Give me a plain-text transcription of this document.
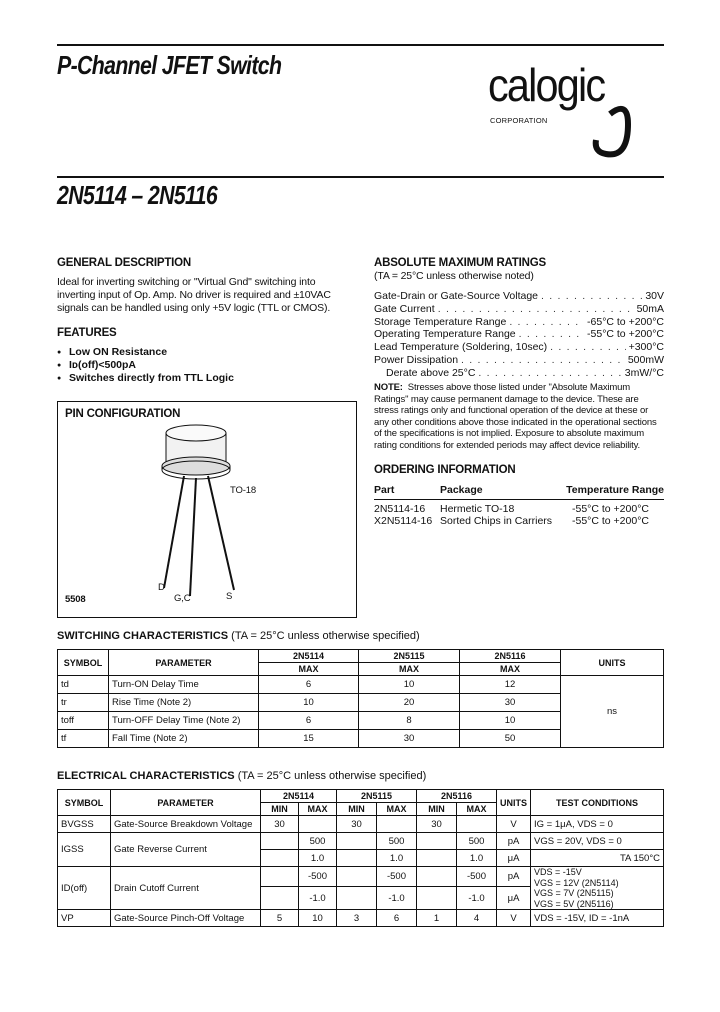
P-Channel JFET Switch
2N5114 – 2N5116
calogic
CORPORATION
GENERAL DESCRIPTION
Ideal for inverting switching or "Virtual Gnd" switching into
inverting input of Op. Amp. No driver is required and ±10VAC
signals can be handled using only +5V logic (TTL or CMOS).
FEATURES
● Low ON Resistance
● Iᴅ(off)<500pA
● Switches directly from TTL Logic
PIN CONFIGURATION
TO-18
D
G,C	S
5508
ABSOLUTE MAXIMUM RATINGS
(TA = 25°C unless otherwise noted)
Gate-Drain or Gate-Source Voltage . . .	30V
Gate Current . . .	50mA
Storage Temperature Range . . .	-65°C to +200°C
Operating Temperature Range . . .	-55°C to +200°C
Lead Temperature (Soldering, 10sec) . . .	+300°C
Power Dissipation . . .	500mW
Derate above 25°C . . .	3mW/°C
NOTE: Stresses above those listed under "Absolute Maximum Ratings" may cause permanent damage to the device. These are stress ratings only and functional operation of the device at these or any other conditions above those indicated in the operational sections of the specifications is not implied. Exposure to absolute maximum rating conditions for extended periods may affect device reliability.
ORDERING INFORMATION
Part	Package	Temperature Range
2N5114-16	Hermetic TO-18	-55°C to +200°C
X2N5114-16 Sorted Chips in Carriers	-55°C to +200°C
SWITCHING CHARACTERISTICS (TA = 25°C unless otherwise specified)
SYMBOL	PARAMETER	2N5114	2N5115	2N5116	UNITS
		MAX	MAX	MAX	
td	Turn-ON Delay Time	6	10	12	ns
tr	Rise Time (Note 2)	10	20	30	
toff	Turn-OFF Delay Time (Note 2)	6	8	10	
tf	Fall Time (Note 2)	15	30	50	
ELECTRICAL CHARACTERISTICS (TA = 25°C unless otherwise specified)
SYMBOL	PARAMETER	2N5114		2N5115		2N5116		UNITS	TEST CONDITIONS
		MIN	MAX	MIN	MAX	MIN	MAX		
BVGSS	Gate-Source Breakdown Voltage	30		30		30		V	IG = 1μA, VDS = 0
IGSS	Gate Reverse Current		500		500		500	pA	VGS = 20V, VDS = 0
			1.0		1.0		1.0	μA	TA 150°C
ID(off)	Drain Cutoff Current		-500		-500		-500	pA	VDS = -15V
VGS = 12V (2N5114)
VGS = 7V (2N5115)
VGS = 5V (2N5116)

			-1.0		-1.0		-1.0	μA	
VP	Gate-Source Pinch-Off Voltage	5	10	3	6	1	4	V	VDS = -15V, ID = -1nA
